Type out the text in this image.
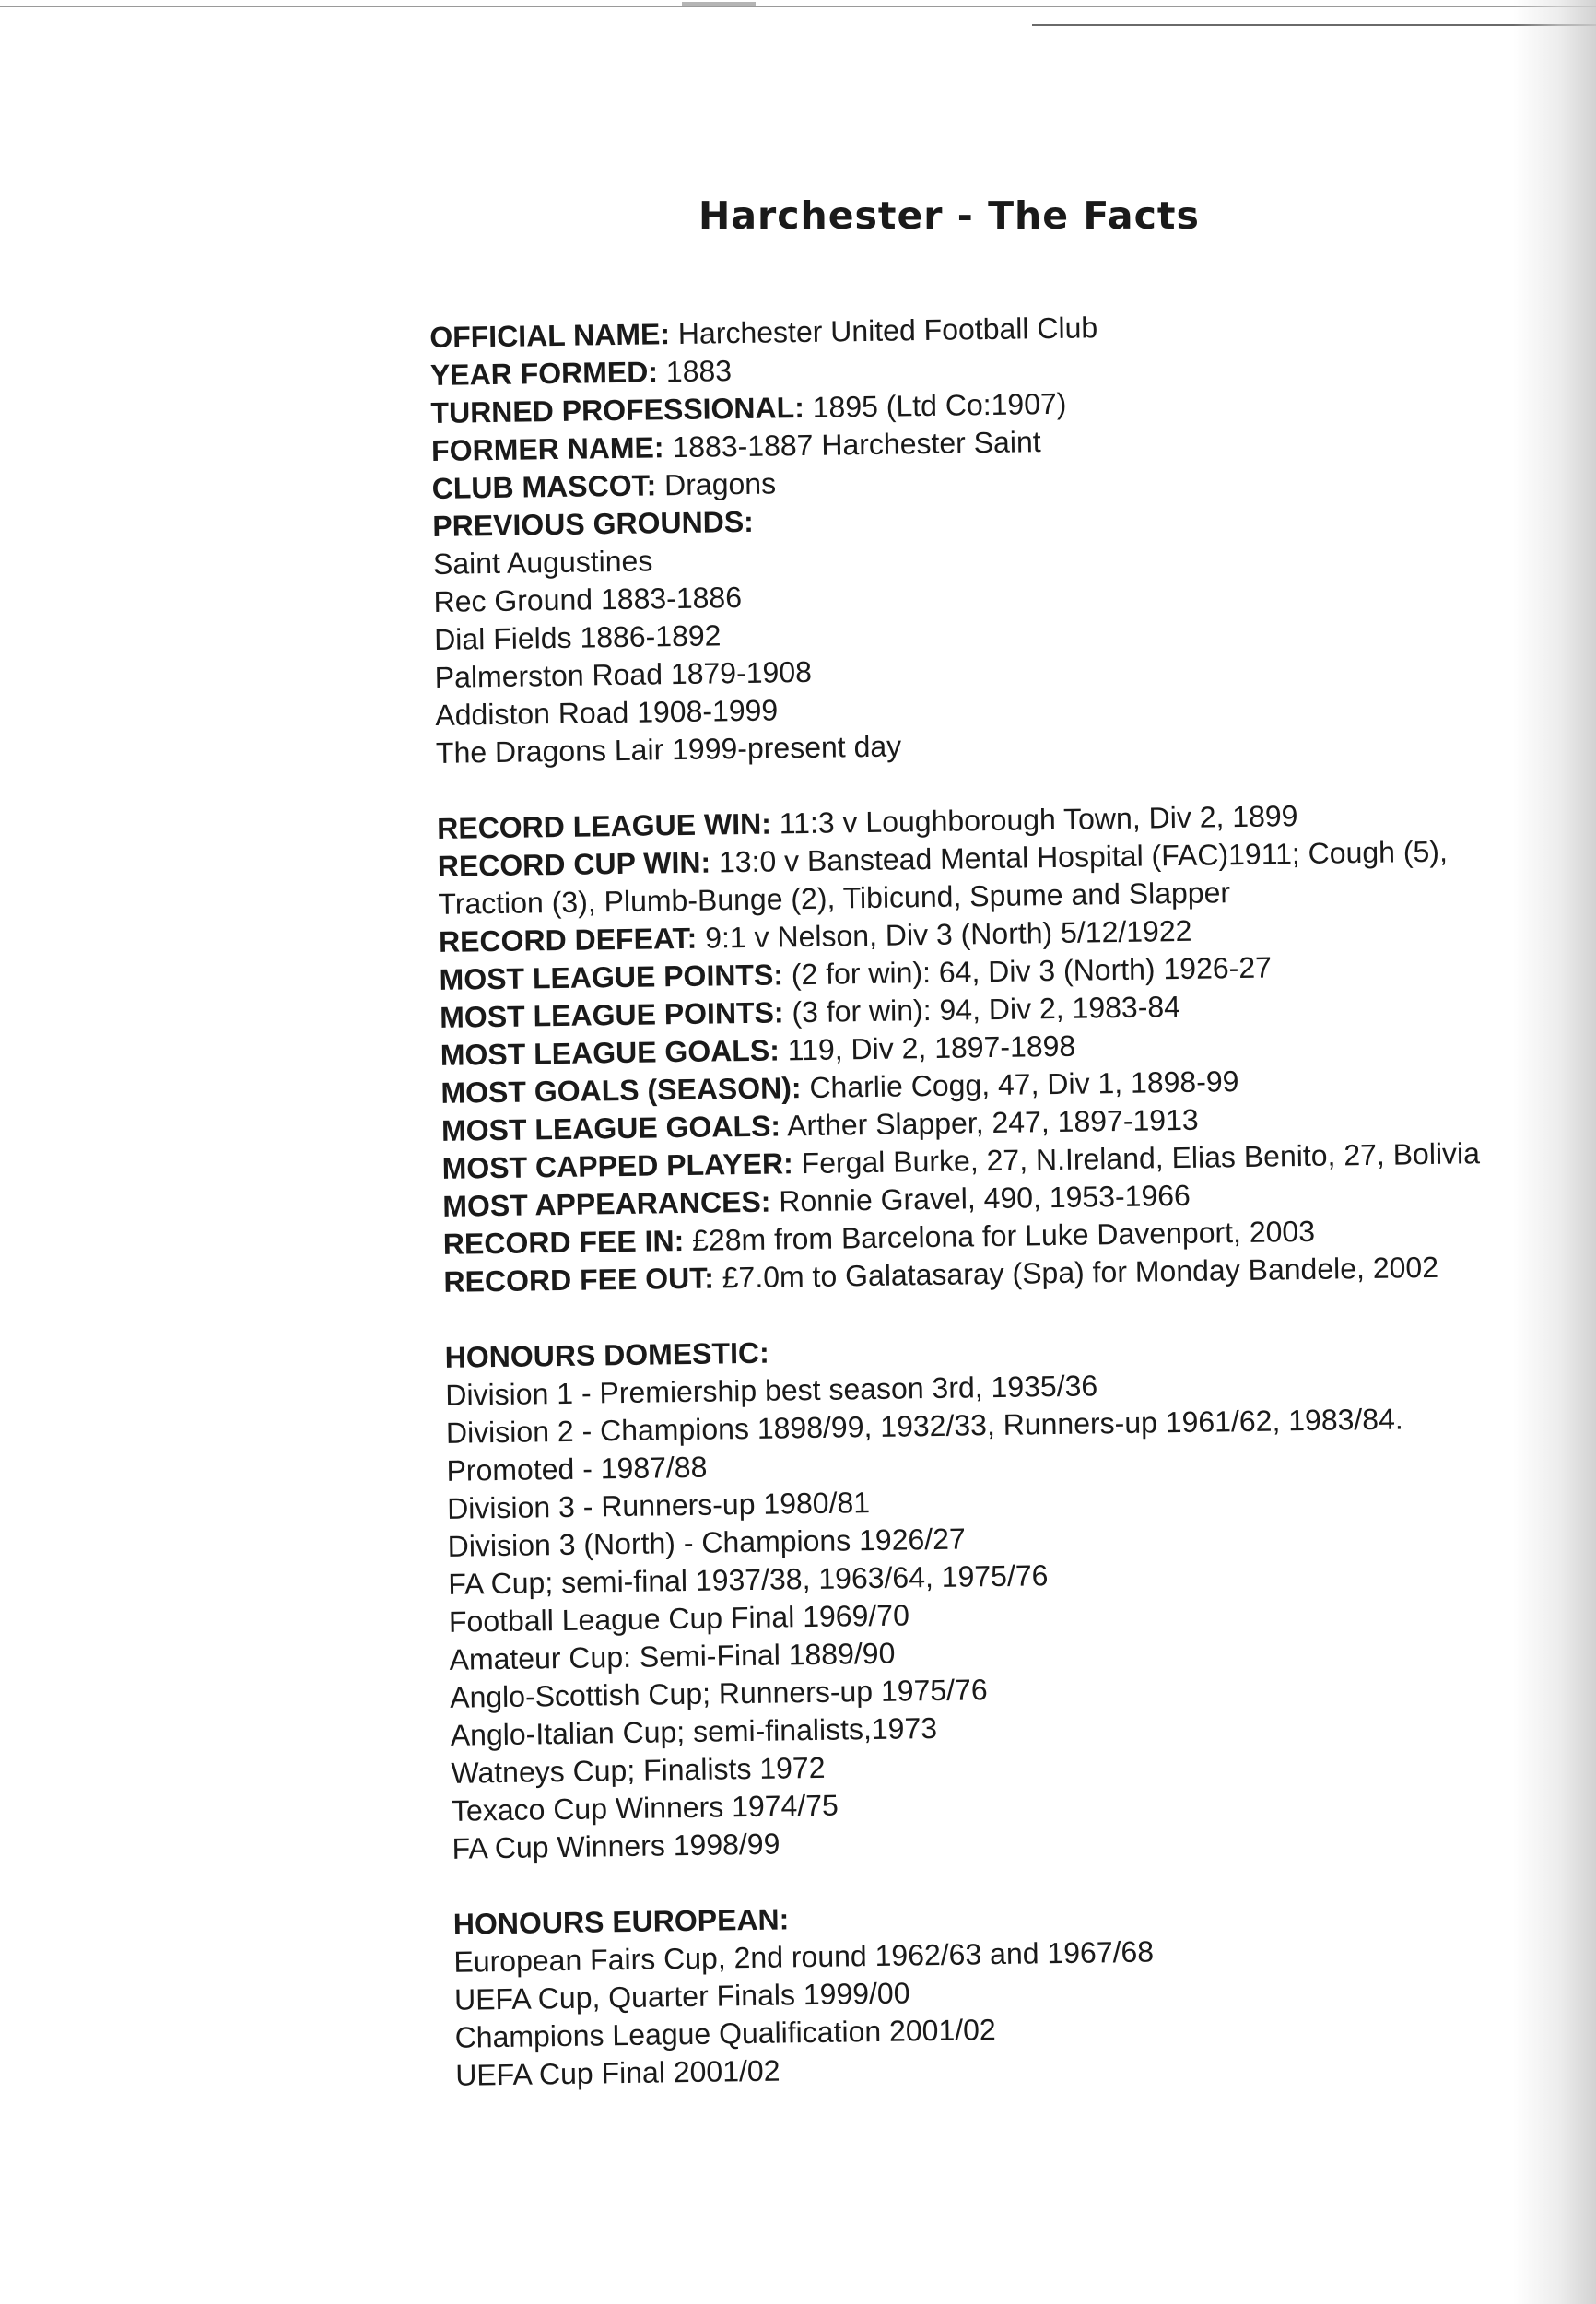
Harchester - The Facts
OFFICIAL NAME: Harchester United Football Club
YEAR FORMED: 1883
TURNED PROFESSIONAL: 1895 (Ltd Co:1907)
FORMER NAME: 1883-1887 Harchester Saint
CLUB MASCOT: Dragons
PREVIOUS GROUNDS:
Saint Augustines
Rec Ground 1883-1886
Dial Fields 1886-1892
Palmerston Road 1879-1908
Addiston Road 1908-1999
The Dragons Lair 1999-present day
RECORD LEAGUE WIN: 11:3 v Loughborough Town, Div 2, 1899
RECORD CUP WIN: 13:0 v Banstead Mental Hospital (FAC)1911; Cough (5), Traction (3), Plumb-Bunge (2), Tibicund, Spume and Slapper
RECORD DEFEAT: 9:1 v Nelson, Div 3 (North) 5/12/1922
MOST LEAGUE POINTS: (2 for win): 64, Div 3 (North) 1926-27
MOST LEAGUE POINTS: (3 for win): 94, Div 2, 1983-84
MOST LEAGUE GOALS: 119, Div 2, 1897-1898
MOST GOALS (SEASON): Charlie Cogg, 47, Div 1, 1898-99
MOST LEAGUE GOALS: Arther Slapper, 247, 1897-1913
MOST CAPPED PLAYER: Fergal Burke, 27, N.Ireland, Elias Benito, 27, Bolivia
MOST APPEARANCES: Ronnie Gravel, 490, 1953-1966
RECORD FEE IN: £28m from Barcelona for Luke Davenport, 2003
RECORD FEE OUT: £7.0m to Galatasaray (Spa) for Monday Bandele, 2002
HONOURS DOMESTIC:
Division 1 - Premiership best season 3rd, 1935/36
Division 2 - Champions 1898/99, 1932/33, Runners-up 1961/62, 1983/84.
Promoted - 1987/88
Division 3 - Runners-up 1980/81
Division 3 (North) - Champions 1926/27
FA Cup; semi-final 1937/38, 1963/64, 1975/76
Football League Cup Final 1969/70
Amateur Cup: Semi-Final 1889/90
Anglo-Scottish Cup; Runners-up 1975/76
Anglo-Italian Cup; semi-finalists,1973
Watneys Cup; Finalists 1972
Texaco Cup Winners 1974/75
FA Cup Winners 1998/99
HONOURS EUROPEAN:
European Fairs Cup, 2nd round 1962/63 and 1967/68
UEFA Cup, Quarter Finals 1999/00
Champions League Qualification 2001/02
UEFA Cup Final 2001/02
